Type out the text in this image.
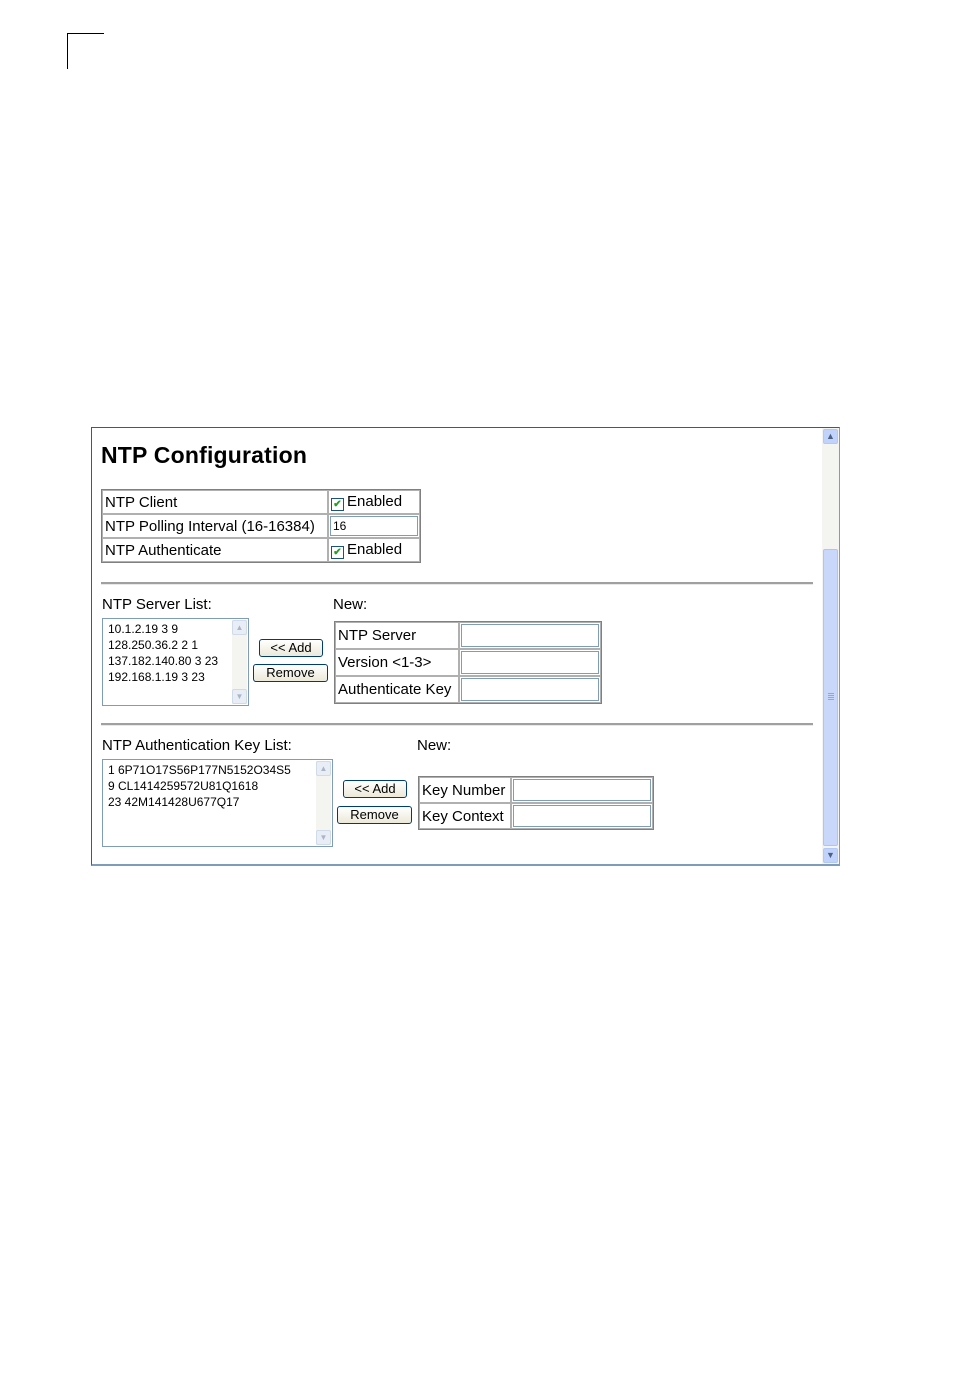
NTP Configuration
NTP Client	✔ Enabled
NTP Polling Interval (16-16384)	16

NTP Authenticate	✔ Enabled
NTP Server List:	New:
10.1.2.19 3 9
128.250.36.2 2 1
137.182.140.80 3 23
192.168.1.19 3 23
▲
▼
<< Add
Remove
NTP Server	

Version <1-3>	

Authenticate Key	
NTP Authentication Key List:	New:
1 6P71O17S56P177N5152O34S5
9 CL1414259572U81Q1618
23 42M141428U677Q17
▲
▼
<< Add
Remove
Key Number	

Key Context	
▲
▼
